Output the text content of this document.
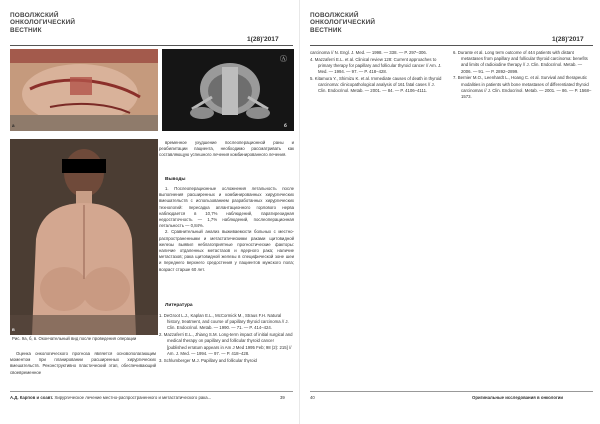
ПОВОЛЖСКИЙ
ОНКОЛОГИЧЕСКИЙ
ВЕСТНИК
1(28)'2017
а
Ⓐ
б
в
Рис. 9а, б, в. Окончательный вид после проведения операции

временное ухудшение послеоперационной раны и реабилитации пациента, необходимо рассматривать как составляющую успешного лечения комбинированного лечения.

Выводы

1. Послеоперационные осложнения летальность после выполнения расширенных и комбинированных хирургических вмешательств с использованием разработанных хирургических технологий: пересадка аплантационного горлового нерва наблюдается в 10,7% наблюдений, паратиреоидная недостаточность — 1,7% наблюдений, послеоперационная летальность — 0,84%.

2. Сравнительный анализ выживаемости больных с местно-распространенными и метастатическими раками щитовидной железы выявил неблагоприятные прогностические факторы: наличие отдаленных метастазов и ядерного рака; наличие метастазов; рака щитовидной железы в специфической зоне шеи и переднего верхнего средостения у пациентов мужского пола; возраст старше 60 лет.

Литература
1. DeGroot L.J., Kaplan E.L., McCormick M., Straus F.H. Natural history, treatment, and course of papillary thyroid carcinoma // J. Clin. Endocrinol. Metab. — 1990. — 71. — P. 414–424.
2. Mazzaferri E.L., Jhiang S.M. Long-term impact of initial surgical and medical therapy on papillary and follicular thyroid cancer [published erratum appears in Am J Med 1995 Feb; 98 (2): 215] // Am. J. Med. — 1994. — 97. — P. 418–428.
3. Schlumberger M.J. Papillary and follicular thyroid

Оценка онкологического прогноза является основополагающим моментом при планировании расширенных хирургических вмешательств. Реконструктивно пластический этап, обеспечивающий своевременное

А.Д. Карпов и соавт. Хирургическое лечение местно-распространенного и метастатического рака...	39
ПОВОЛЖСКИЙ
ОНКОЛОГИЧЕСКИЙ
ВЕСТНИК
1(28)'2017
carcinoma // N. Engl. J. Med. — 1998. — 338. — P. 297–306.
4. Mazzaferri E.L. et al. Clinical review 128: Current approaches to primary therapy for papillary and follicular thyroid cancer // Am. J. Med. — 1994. — 97. — P. 418–428.
5. Kitamura Y., Shimizu K. et al. Immediate causes of death in thyroid carcinoma: clinicopathological analysis of 161 fatal cases // J. Clin. Endocrinol. Metab. — 2001. — 84. — P. 4106–4111.
6. Durante et al. Long term outcome of 444 patients with distant metastases from papillary and follicular thyroid carcinoma: benefits and limits of radioiodine therapy // J. Clin. Endocrinol. Metab. — 2006. — 91. — P. 2892–2899.
7. Bernier M.O., Leenhardt L., Hoang C. et al. Survival and therapeutic modalities in patients with bone metastases of differentiated thyroid carcinomas // J. Clin. Endocrinol. Metab. — 2001. — 86. — P. 1568–1573.
40	Оригинальные исследования в онкологии
